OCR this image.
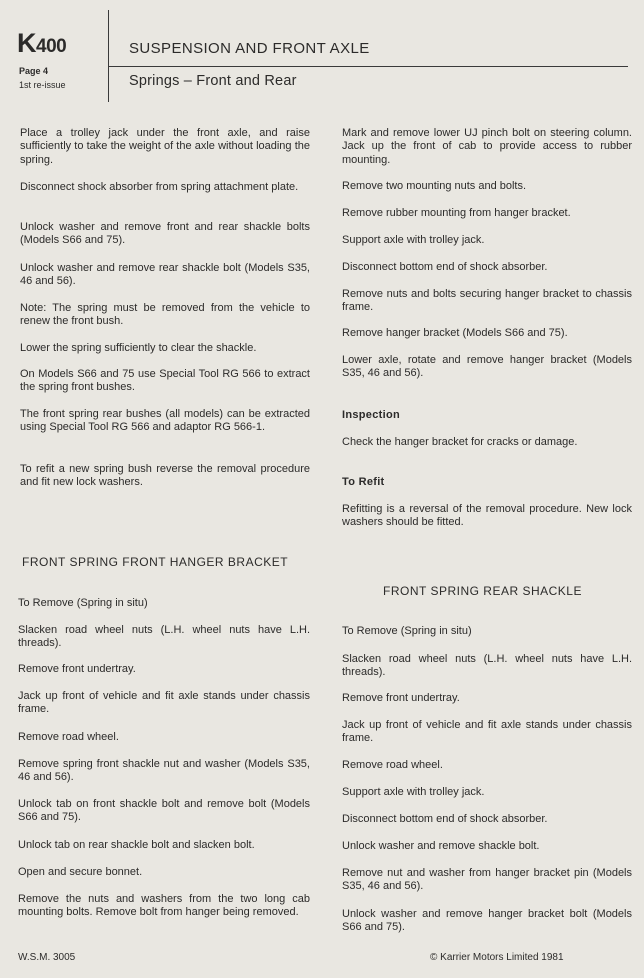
K400
Page 4
1st re-issue
SUSPENSION AND FRONT AXLE
Springs – Front and Rear

Place a trolley jack under the front axle, and raise sufficiently to take the weight of the axle without loading the spring.

Disconnect shock absorber from spring attachment plate.

Unlock washer and remove front and rear shackle bolts (Models S66 and 75).

Unlock washer and remove rear shackle bolt (Models S35, 46 and 56).

Note: The spring must be removed from the vehicle to renew the front bush.

Lower the spring sufficiently to clear the shackle.

On Models S66 and 75 use Special Tool RG 566 to extract the spring front bushes.

The front spring rear bushes (all models) can be extracted using Special Tool RG 566 and adaptor RG 566-1.

To refit a new spring bush reverse the removal procedure and fit new lock washers.

Mark and remove lower UJ pinch bolt on steering column. Jack up the front of cab to provide access to rubber mounting.

Remove two mounting nuts and bolts.

Remove rubber mounting from hanger bracket.

Support axle with trolley jack.

Disconnect bottom end of shock absorber.

Remove nuts and bolts securing hanger bracket to chassis frame.

Remove hanger bracket (Models S66 and 75).

Lower axle, rotate and remove hanger bracket (Models S35, 46 and 56).

Inspection

Check the hanger bracket for cracks or damage.

To Refit

Refitting is a reversal of the removal procedure. New lock washers should be fitted.

FRONT SPRING FRONT HANGER BRACKET

To Remove (Spring in situ)

Slacken road wheel nuts (L.H. wheel nuts have L.H. threads).

Remove front undertray.

Jack up front of vehicle and fit axle stands under chassis frame.

Remove road wheel.

Remove spring front shackle nut and washer (Models S35, 46 and 56).

Unlock tab on front shackle bolt and remove bolt (Models S66 and 75).

Unlock tab on rear shackle bolt and slacken bolt.

Open and secure bonnet.

Remove the nuts and washers from the two long cab mounting bolts. Remove bolt from hanger being removed.

FRONT SPRING REAR SHACKLE

To Remove (Spring in situ)

Slacken road wheel nuts (L.H. wheel nuts have L.H. threads).

Remove front undertray.

Jack up front of vehicle and fit axle stands under chassis frame.

Remove road wheel.

Support axle with trolley jack.

Disconnect bottom end of shock absorber.

Unlock washer and remove shackle bolt.

Remove nut and washer from hanger bracket pin (Models S35, 46 and 56).

Unlock washer and remove hanger bracket bolt (Models S66 and 75).

W.S.M. 3005	© Karrier Motors Limited 1981
